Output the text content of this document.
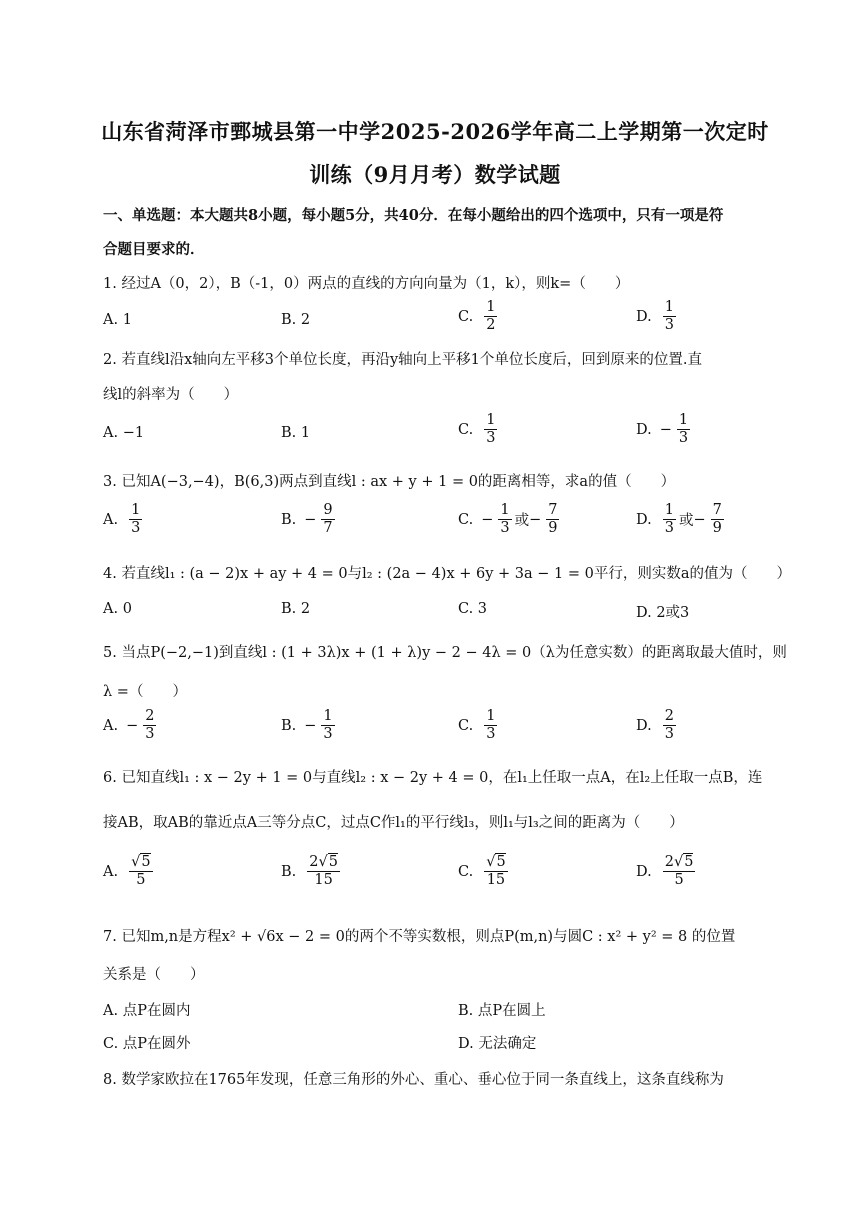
山东省菏泽市鄄城县第一中学2025-2026学年高二上学期第一次定时
训练（9月月考）数学试题
一、单选题：本大题共8小题，每小题5分，共40分．在每小题给出的四个选项中，只有一项是符
合题目要求的．
1. 经过A（0，2），B（-1，0）两点的直线的方向向量为（1，k），则k=（　　）
A. 1	B. 2	C. $\frac{1}{2}$	D. $\frac{1}{3}$
2. 若直线l沿x轴向左平移3个单位长度，再沿y轴向上平移1个单位长度后，回到原来的位置.直
线l的斜率为（　　）
A. −1	B. 1	C. $\frac{1}{3}$	D. − $\frac{1}{3}$
3. 已知A(−3,−4)，B(6,3)两点到直线l : ax + y + 1 = 0的距离相等，求a的值（　　）
A. $\frac{1}{3}$	B. − $\frac{9}{7}$	C. − $\frac{1}{3}$ 或 − $\frac{7}{9}$	D. $\frac{1}{3}$ 或 − $\frac{7}{9}$
4. 若直线l₁ : (a − 2)x + ay + 4 = 0与l₂ : (2a − 4)x + 6y + 3a − 1 = 0平行，则实数a的值为（　　）
A. 0	B. 2	C. 3	D. 2或3
5. 当点P(−2,−1)到直线l : (1 + 3λ)x + (1 + λ)y − 2 − 4λ = 0（λ为任意实数）的距离取最大值时，则
λ =（　　）
A. − $\frac{2}{3}$	B. − $\frac{1}{3}$	C. $\frac{1}{3}$	D. $\frac{2}{3}$
6. 已知直线l₁ : x − 2y + 1 = 0与直线l₂ : x − 2y + 4 = 0，在l₁上任取一点A，在l₂上任取一点B，连
接AB，取AB的靠近点A三等分点C，过点C作l₁的平行线l₃，则l₁与l₃之间的距离为（　　）
A. $\frac{√5}{5}$	B. $\frac{2√5}{15}$	C. $\frac{√5}{15}$	D. $\frac{2√5}{5}$
7. 已知m,n是方程x² + √6x − 2 = 0的两个不等实数根，则点P(m,n)与圆C : x² + y² = 8 的位置
关系是（　　）
A. 点P在圆内	B. 点P在圆上
C. 点P在圆外	D. 无法确定
8. 数学家欧拉在1765年发现，任意三角形的外心、重心、垂心位于同一条直线上，这条直线称为
